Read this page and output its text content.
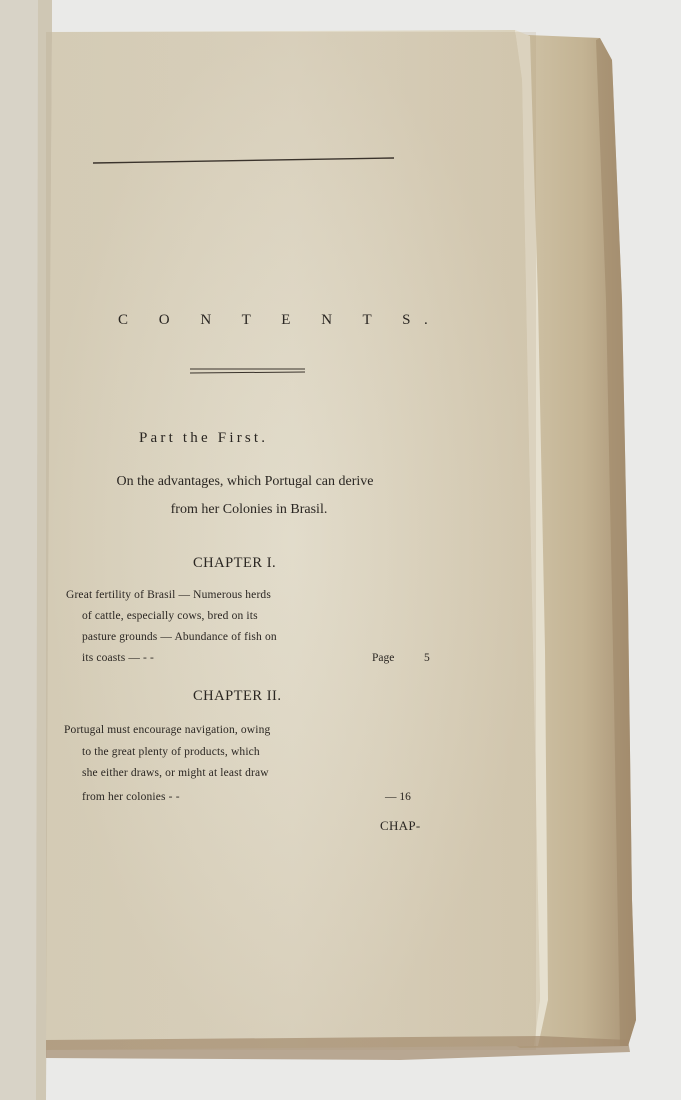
C O N T E N T S.
Part the First.
On the advantages, which Portugal can derive
from her Colonies in Brasil.
CHAPTER I.
Great fertility of Brasil — Numerous herds
of cattle, especially cows, bred on its
pasture grounds — Abundance of fish on
its coasts — - -	Page	5
CHAPTER II.
Portugal must encourage navigation, owing
to the great plenty of products, which
she either draws, or might at least draw
from her colonies - -	— 16
CHAP-
